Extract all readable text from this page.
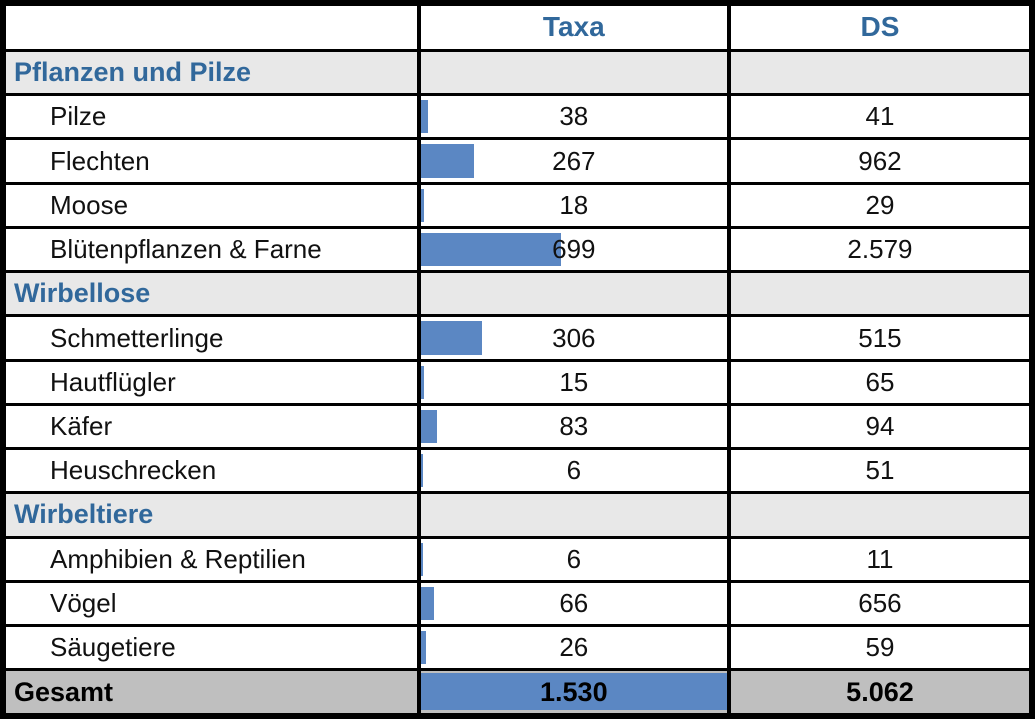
	Taxa	DS
Pflanzen und Pilze		
Pilze	38	41
Flechten	267	962
Moose	18	29
Blütenpflanzen & Farne	699	2.579
Wirbellose		
Schmetterlinge	306	515
Hautflügler	15	65
Käfer	83	94
Heuschrecken	6	51
Wirbeltiere		
Amphibien & Reptilien	6	11
Vögel	66	656
Säugetiere	26	59
Gesamt	1.530	5.062
